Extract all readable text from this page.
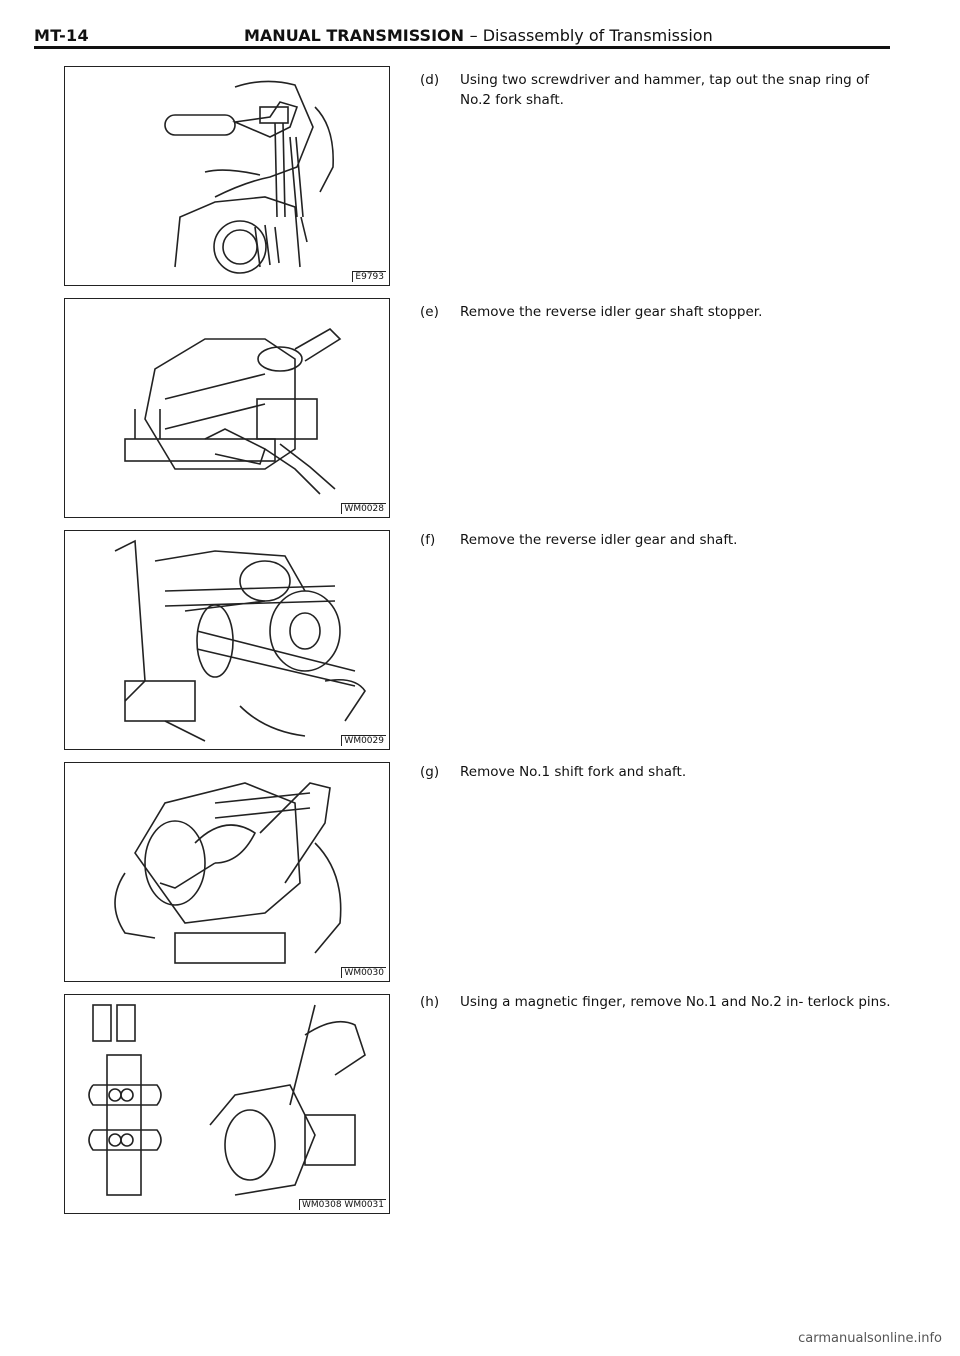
MT-14	MANUAL TRANSMISSION – Disassembly of Transmission
E9793
WM0028
WM0029
WM0030
WM0308 WM0031
(d) Using two screwdriver and hammer, tap out the snap ring of No.2 fork shaft.
(e) Remove the reverse idler gear shaft stopper.
(f) Remove the reverse idler gear and shaft.
(g) Remove No.1 shift fork and shaft.
(h) Using a magnetic finger, remove No.1 and No.2 in- terlock pins.
carmanualsonline.info
